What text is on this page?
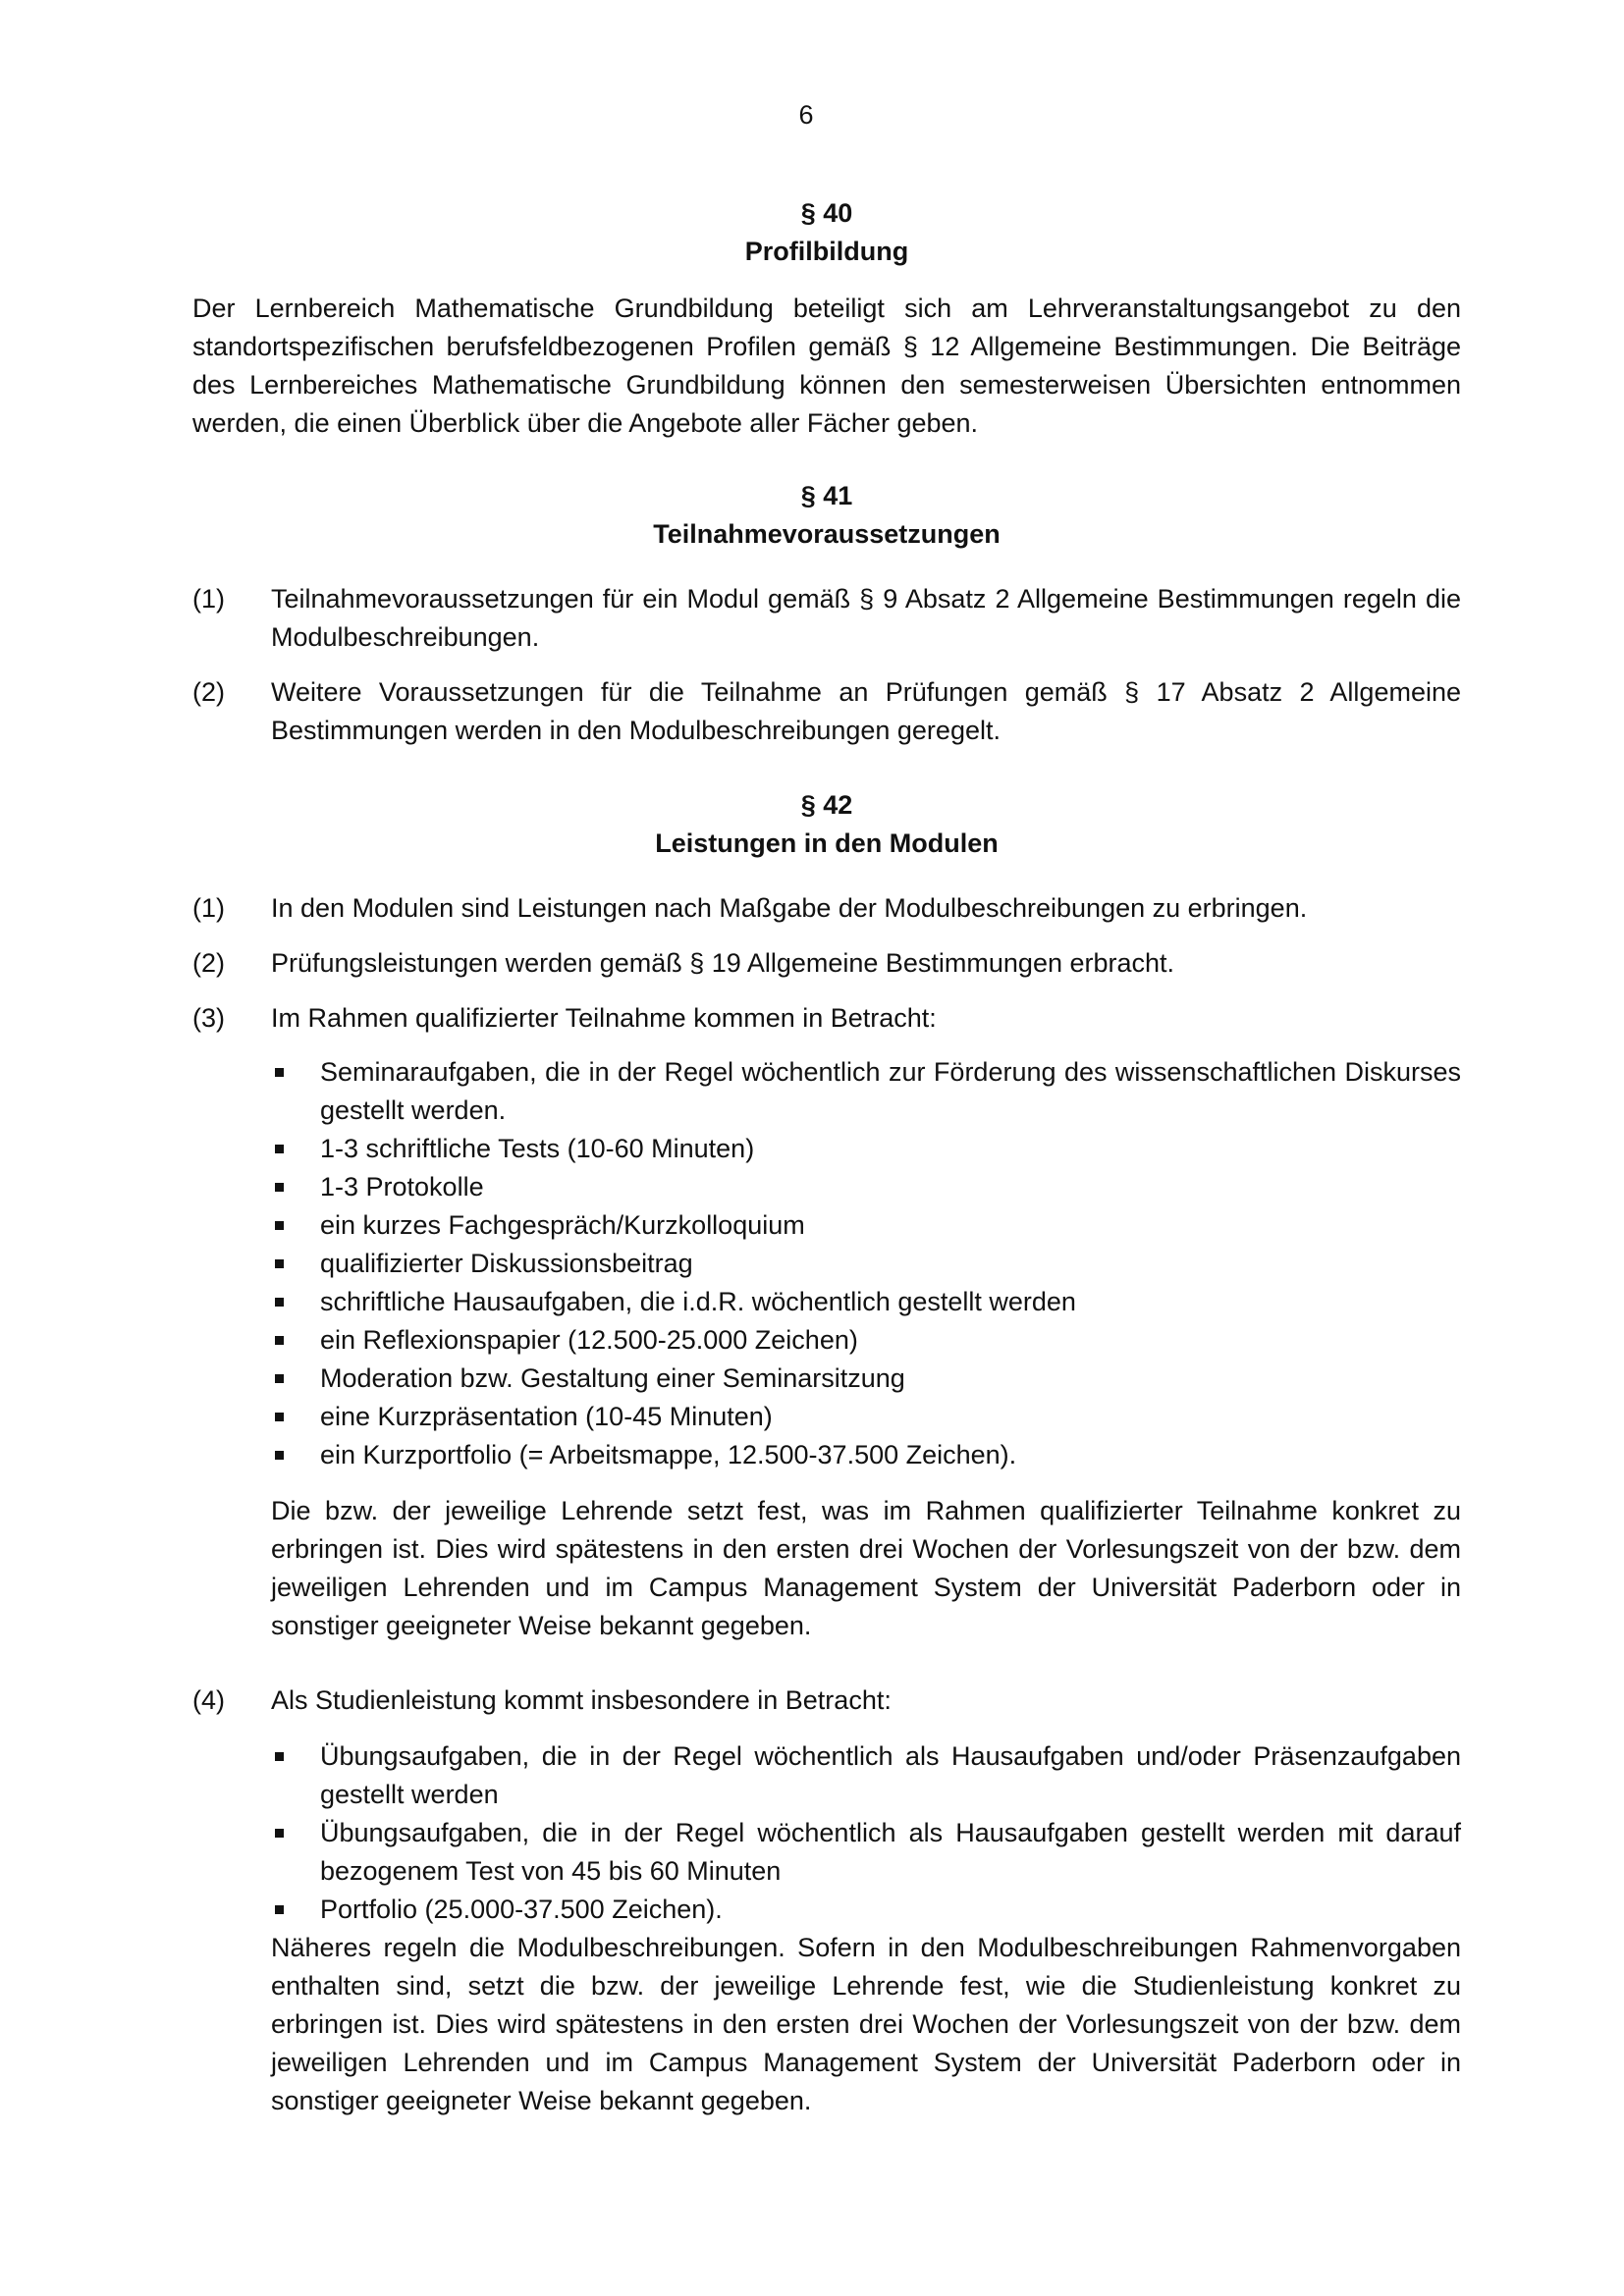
6
§ 40
Profilbildung
Der Lernbereich Mathematische Grundbildung beteiligt sich am Lehrveranstaltungsangebot zu den standortspezifischen berufsfeldbezogenen Profilen gemäß § 12 Allgemeine Bestimmungen. Die Beiträge des Lernbereiches Mathematische Grundbildung können den semesterweisen Übersichten entnommen werden, die einen Überblick über die Angebote aller Fächer geben.
§ 41
Teilnahmevoraussetzungen
(1)	Teilnahmevoraussetzungen für ein Modul gemäß § 9 Absatz 2 Allgemeine Bestimmungen regeln die Modulbeschreibungen.
(2)	Weitere Voraussetzungen für die Teilnahme an Prüfungen gemäß § 17 Absatz 2 Allgemeine Bestimmungen werden in den Modulbeschreibungen geregelt.
§ 42
Leistungen in den Modulen
(1)	In den Modulen sind Leistungen nach Maßgabe der Modulbeschreibungen zu erbringen.
(2)	Prüfungsleistungen werden gemäß § 19 Allgemeine Bestimmungen erbracht.
(3)	Im Rahmen qualifizierter Teilnahme kommen in Betracht:
Seminaraufgaben, die in der Regel wöchentlich zur Förderung des wissenschaftlichen Diskurses gestellt werden.
1-3 schriftliche Tests (10-60 Minuten)
1-3 Protokolle
ein kurzes Fachgespräch/Kurzkolloquium
qualifizierter Diskussionsbeitrag
schriftliche Hausaufgaben, die i.d.R. wöchentlich gestellt werden
ein Reflexionspapier (12.500-25.000 Zeichen)
Moderation bzw. Gestaltung einer Seminarsitzung
eine Kurzpräsentation (10-45 Minuten)
ein Kurzportfolio (= Arbeitsmappe, 12.500-37.500 Zeichen).
Die bzw. der jeweilige Lehrende setzt fest, was im Rahmen qualifizierter Teilnahme konkret zu erbringen ist. Dies wird spätestens in den ersten drei Wochen der Vorlesungszeit von der bzw. dem jeweiligen Lehrenden und im Campus Management System der Universität Paderborn oder in sonstiger geeigneter Weise bekannt gegeben.
(4)	Als Studienleistung kommt insbesondere in Betracht:
Übungsaufgaben, die in der Regel wöchentlich als Hausaufgaben und/oder Präsenzaufgaben gestellt werden
Übungsaufgaben, die in der Regel wöchentlich als Hausaufgaben gestellt werden mit darauf bezogenem Test von 45 bis 60 Minuten
Portfolio (25.000-37.500 Zeichen).
Näheres regeln die Modulbeschreibungen. Sofern in den Modulbeschreibungen Rahmenvorgaben enthalten sind, setzt die bzw. der jeweilige Lehrende fest, wie die Studienleistung konkret zu erbringen ist. Dies wird spätestens in den ersten drei Wochen der Vorlesungszeit von der bzw. dem jeweiligen Lehrenden und im Campus Management System der Universität Paderborn oder in sonstiger geeigneter Weise bekannt gegeben.
